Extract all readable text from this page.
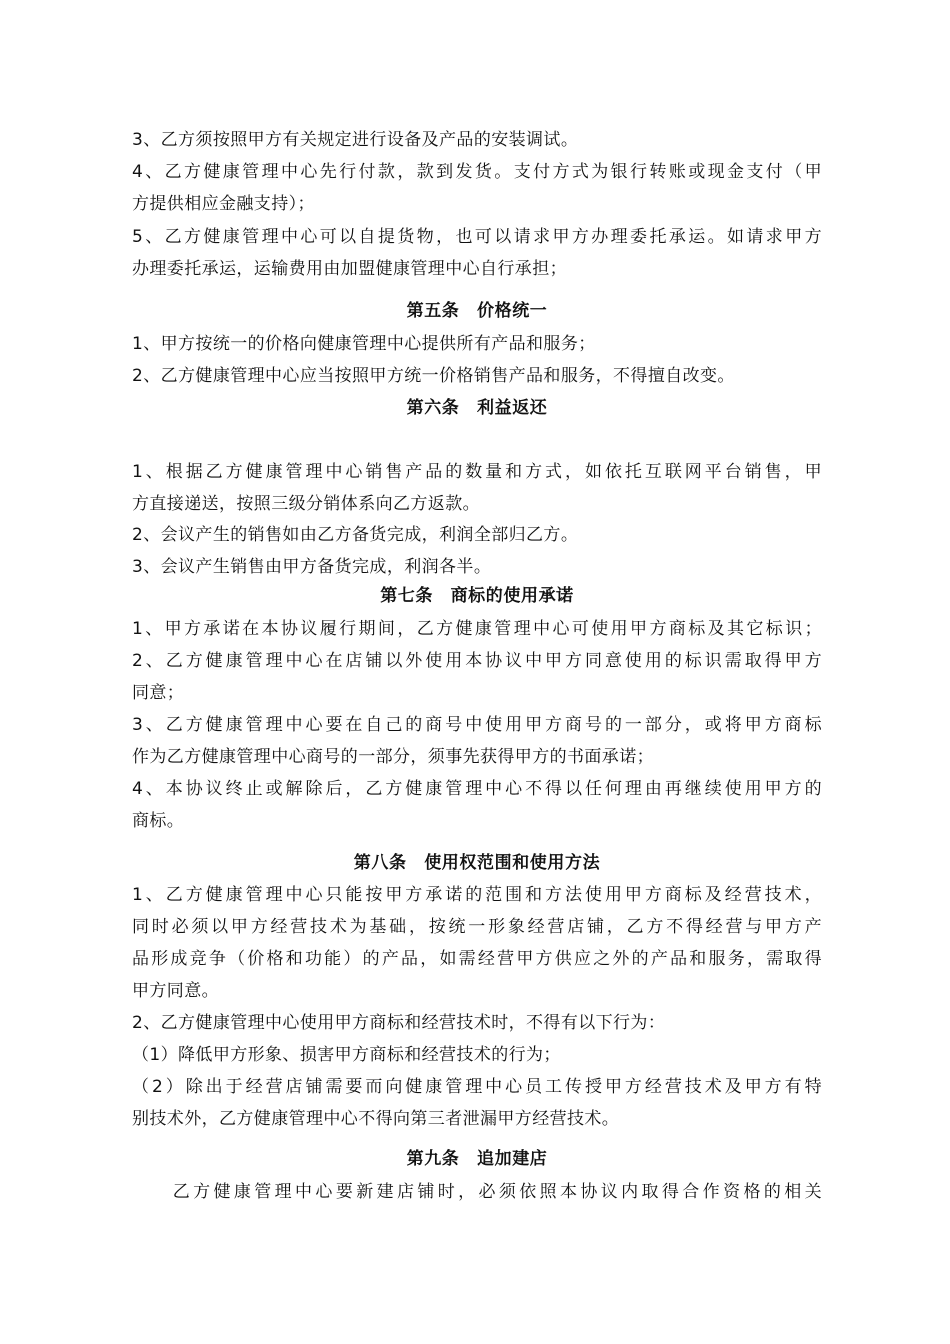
3、乙方须按照甲方有关规定进行设备及产品的安装调试。
4、乙方健康管理中心先行付款，款到发货。支付方式为银行转账或现金支付（甲
方提供相应金融支持）；
5、乙方健康管理中心可以自提货物，也可以请求甲方办理委托承运。如请求甲方
办理委托承运，运输费用由加盟健康管理中心自行承担；
第五条　价格统一
1、甲方按统一的价格向健康管理中心提供所有产品和服务；
2、乙方健康管理中心应当按照甲方统一价格销售产品和服务，不得擅自改变。
第六条　利益返还
1、根据乙方健康管理中心销售产品的数量和方式，如依托互联网平台销售，甲
方直接递送，按照三级分销体系向乙方返款。
2、会议产生的销售如由乙方备货完成，利润全部归乙方。
3、会议产生销售由甲方备货完成，利润各半。
第七条　商标的使用承诺
1、甲方承诺在本协议履行期间，乙方健康管理中心可使用甲方商标及其它标识；
2、乙方健康管理中心在店铺以外使用本协议中甲方同意使用的标识需取得甲方
同意；
3、乙方健康管理中心要在自己的商号中使用甲方商号的一部分，或将甲方商标
作为乙方健康管理中心商号的一部分，须事先获得甲方的书面承诺；
4、本协议终止或解除后，乙方健康管理中心不得以任何理由再继续使用甲方的
商标。
第八条　使用权范围和使用方法
1、乙方健康管理中心只能按甲方承诺的范围和方法使用甲方商标及经营技术，
同时必须以甲方经营技术为基础，按统一形象经营店铺，乙方不得经营与甲方产
品形成竞争（价格和功能）的产品，如需经营甲方供应之外的产品和服务，需取得
甲方同意。
2、乙方健康管理中心使用甲方商标和经营技术时，不得有以下行为：
（1）降低甲方形象、损害甲方商标和经营技术的行为；
（2）除出于经营店铺需要而向健康管理中心员工传授甲方经营技术及甲方有特
别技术外，乙方健康管理中心不得向第三者泄漏甲方经营技术。
第九条　追加建店
　　乙方健康管理中心要新建店铺时，必须依照本协议内取得合作资格的相关
